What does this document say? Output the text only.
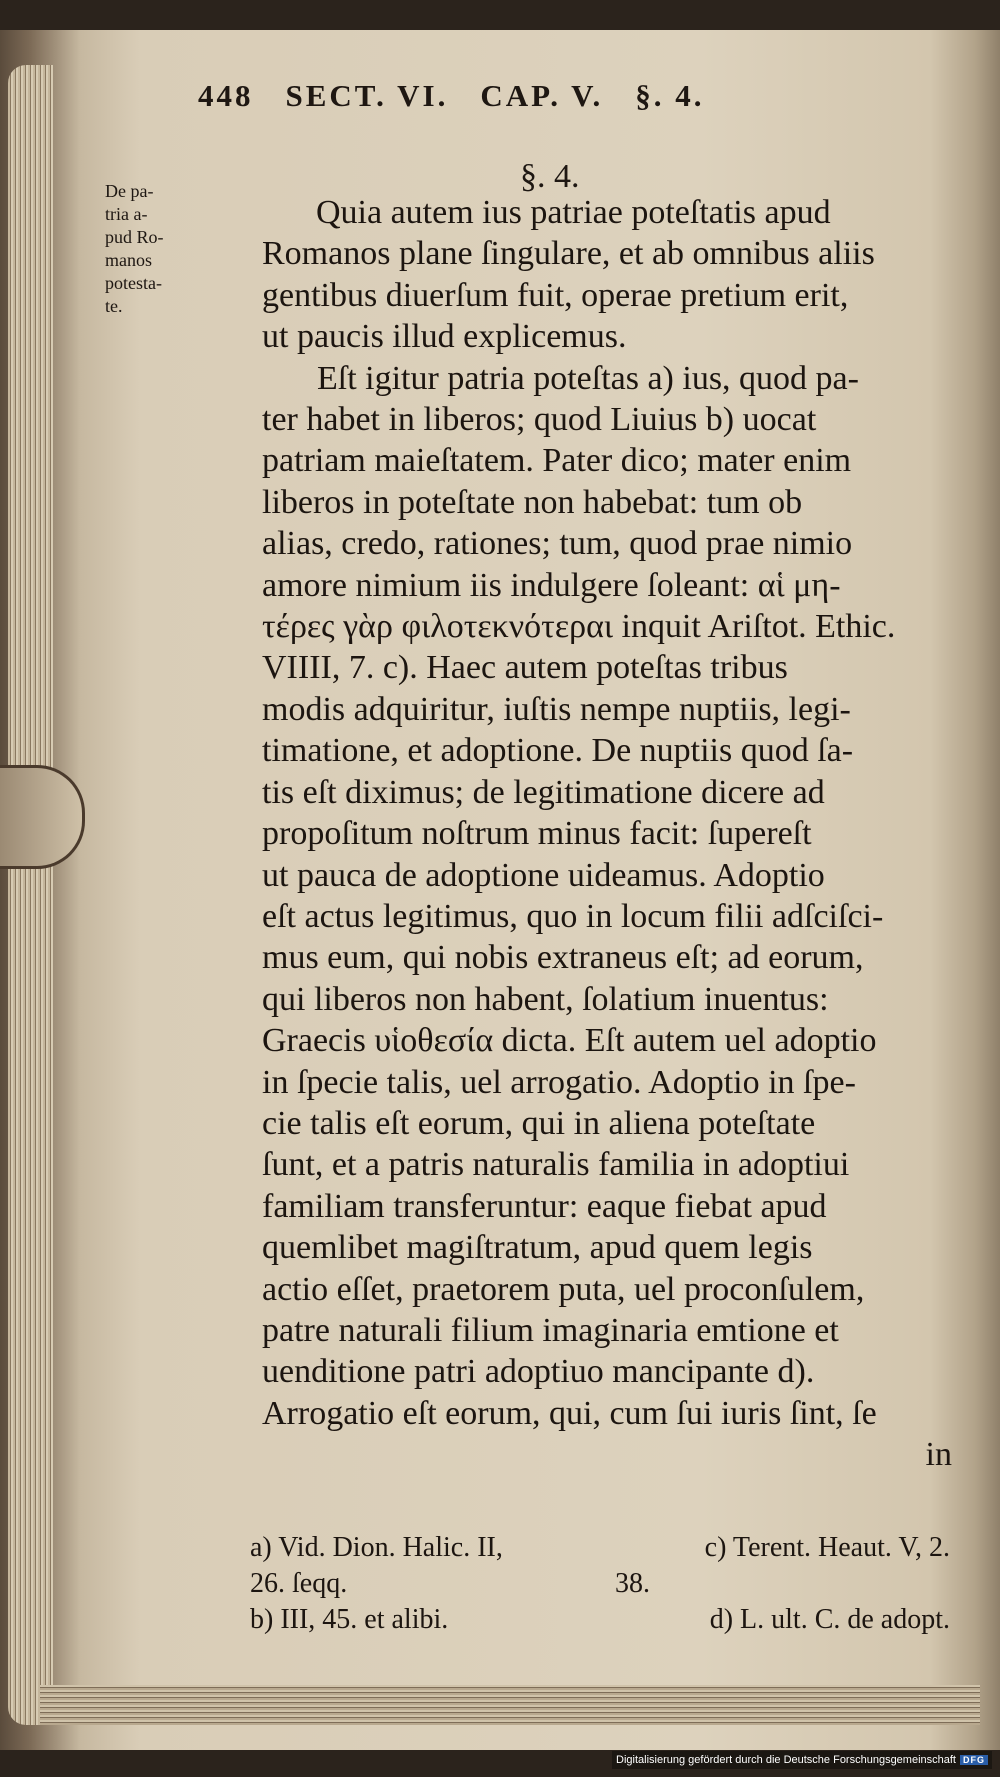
448 SECT. VI. CAP. V. §. 4.
§. 4.
De pa-
tria a-
pud Ro-
manos
potesta-
te.
Quia autem ius patriae poteſtatis apud
Romanos plane ſingulare, et ab omnibus aliis
gentibus diuerſum fuit, operae pretium erit,
ut paucis illud explicemus.
Eſt igitur patria poteſtas a) ius, quod pa-
ter habet in liberos; quod Liuius b) uocat
patriam maieſtatem. Pater dico; mater enim
liberos in poteſtate non habebat: tum ob
alias, credo, rationes; tum, quod prae nimio
amore nimium iis indulgere ſoleant: αἱ μη-
τέρες γὰρ φιλοτεκνότεραι inquit Ariſtot. Ethic.
VIIII, 7. c). Haec autem poteſtas tribus
modis adquiritur, iuſtis nempe nuptiis, legi-
timatione, et adoptione. De nuptiis quod ſa-
tis eſt diximus; de legitimatione dicere ad
propoſitum noſtrum minus facit: ſupereſt
ut pauca de adoptione uideamus. Adoptio
eſt actus legitimus, quo in locum filii adſciſci-
mus eum, qui nobis extraneus eſt; ad eorum,
qui liberos non habent, ſolatium inuentus:
Graecis υἱοθεσία dicta. Eſt autem uel adoptio
in ſpecie talis, uel arrogatio. Adoptio in ſpe-
cie talis eſt eorum, qui in aliena poteſtate
ſunt, et a patris naturalis familia in adoptiui
familiam transferuntur: eaque fiebat apud
quemlibet magiſtratum, apud quem legis
actio eſſet, praetorem puta, uel proconſulem,
patre naturali filium imaginaria emtione et
uenditione patri adoptiuo mancipante d).
Arrogatio eſt eorum, qui, cum ſui iuris ſint, ſe
in
a) Vid. Dion. Halic. II,	c) Terent. Heaut. V, 2.
26. ſeqq.	38.
b) III, 45. et alibi.	d) L. ult. C. de adopt.
Digitalisierung gefördert durch die Deutsche Forschungsgemeinschaft DFG
